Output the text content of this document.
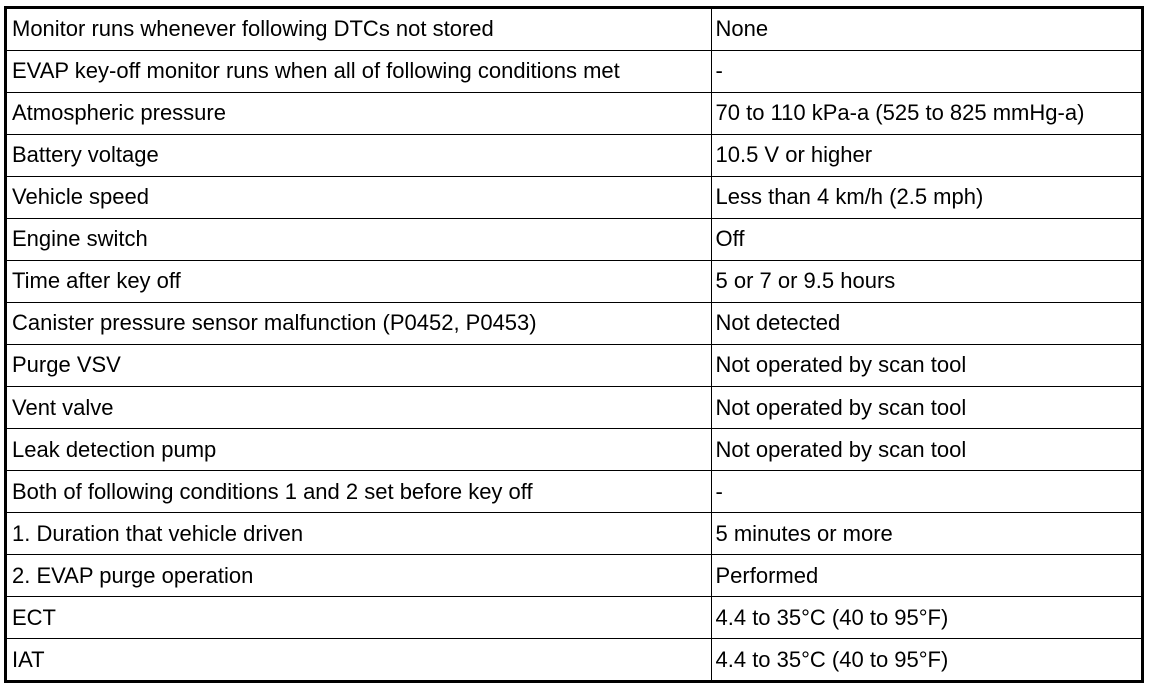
Monitor runs whenever following DTCs not stored	None
EVAP key-off monitor runs when all of following conditions met	-
Atmospheric pressure	70 to 110 kPa-a (525 to 825 mmHg-a)
Battery voltage	10.5 V or higher
Vehicle speed	Less than 4 km/h (2.5 mph)
Engine switch	Off
Time after key off	5 or 7 or 9.5 hours
Canister pressure sensor malfunction (P0452, P0453)	Not detected
Purge VSV	Not operated by scan tool
Vent valve	Not operated by scan tool
Leak detection pump	Not operated by scan tool
Both of following conditions 1 and 2 set before key off	-
1. Duration that vehicle driven	5 minutes or more
2. EVAP purge operation	Performed
ECT	4.4 to 35°C (40 to 95°F)
IAT	4.4 to 35°C (40 to 95°F)
